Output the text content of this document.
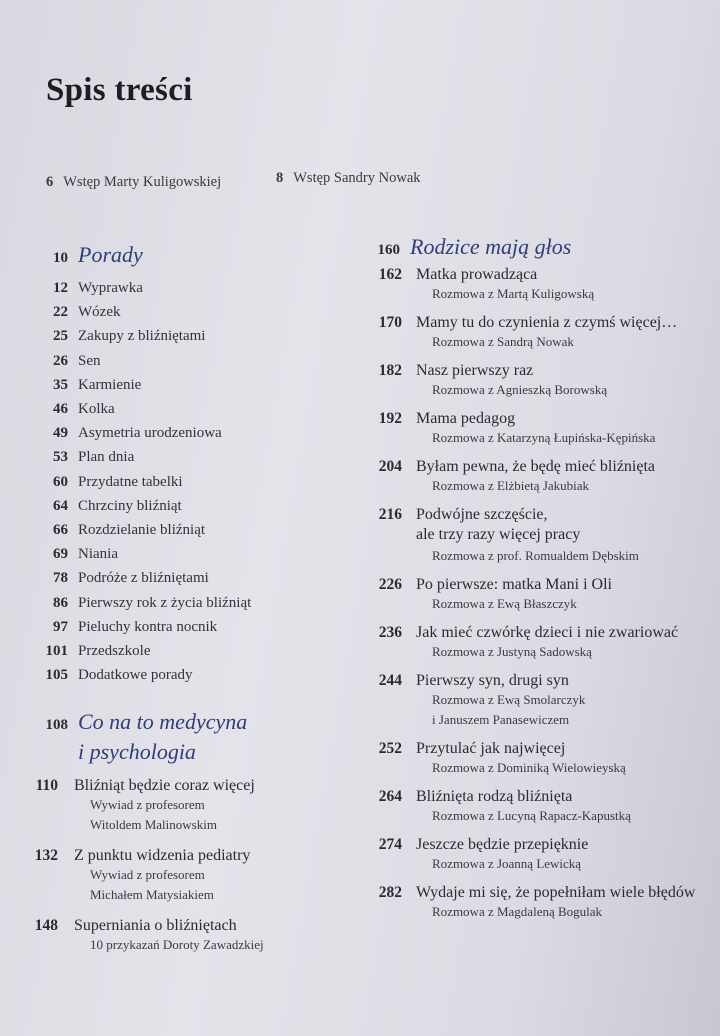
Spis treści
6 Wstęp Marty Kuligowskiej	8 Wstęp Sandry Nowak
10 Porady
12 Wyprawka
22 Wózek
25 Zakupy z bliźniętami
26 Sen
35 Karmienie
46 Kolka
49 Asymetria urodzeniowa
53 Plan dnia
60 Przydatne tabelki
64 Chrzciny bliźniąt
66 Rozdzielanie bliźniąt
69 Niania
78 Podróże z bliźniętami
86 Pierwszy rok z życia bliźniąt
97 Pieluchy kontra nocnik
101 Przedszkole
105 Dodatkowe porady
108 Co na to medycyna
i psychologia
110 Bliźniąt będzie coraz więcej
Wywiad z profesorem
Witoldem Malinowskim
132 Z punktu widzenia pediatry
Wywiad z profesorem
Michałem Matysiakiem
148 Superniania o bliźniętach
10 przykazań Doroty Zawadzkiej
160 Rodzice mają głos
162 Matka prowadząca
Rozmowa z Martą Kuligowską
170 Mamy tu do czynienia z czymś więcej…
Rozmowa z Sandrą Nowak
182 Nasz pierwszy raz
Rozmowa z Agnieszką Borowską
192 Mama pedagog
Rozmowa z Katarzyną Łupińska-Kępińska
204 Byłam pewna, że będę mieć bliźnięta
Rozmowa z Elżbietą Jakubiak
216 Podwójne szczęście,
ale trzy razy więcej pracy
Rozmowa z prof. Romualdem Dębskim
226 Po pierwsze: matka Mani i Oli
Rozmowa z Ewą Błaszczyk
236 Jak mieć czwórkę dzieci i nie zwariować
Rozmowa z Justyną Sadowską
244 Pierwszy syn, drugi syn
Rozmowa z Ewą Smolarczyk
i Januszem Panasewiczem
252 Przytulać jak najwięcej
Rozmowa z Dominiką Wielowieyską
264 Bliźnięta rodzą bliźnięta
Rozmowa z Lucyną Rapacz-Kapustką
274 Jeszcze będzie przepięknie
Rozmowa z Joanną Lewicką
282 Wydaje mi się, że popełniłam wiele błędów
Rozmowa z Magdaleną Bogulak
